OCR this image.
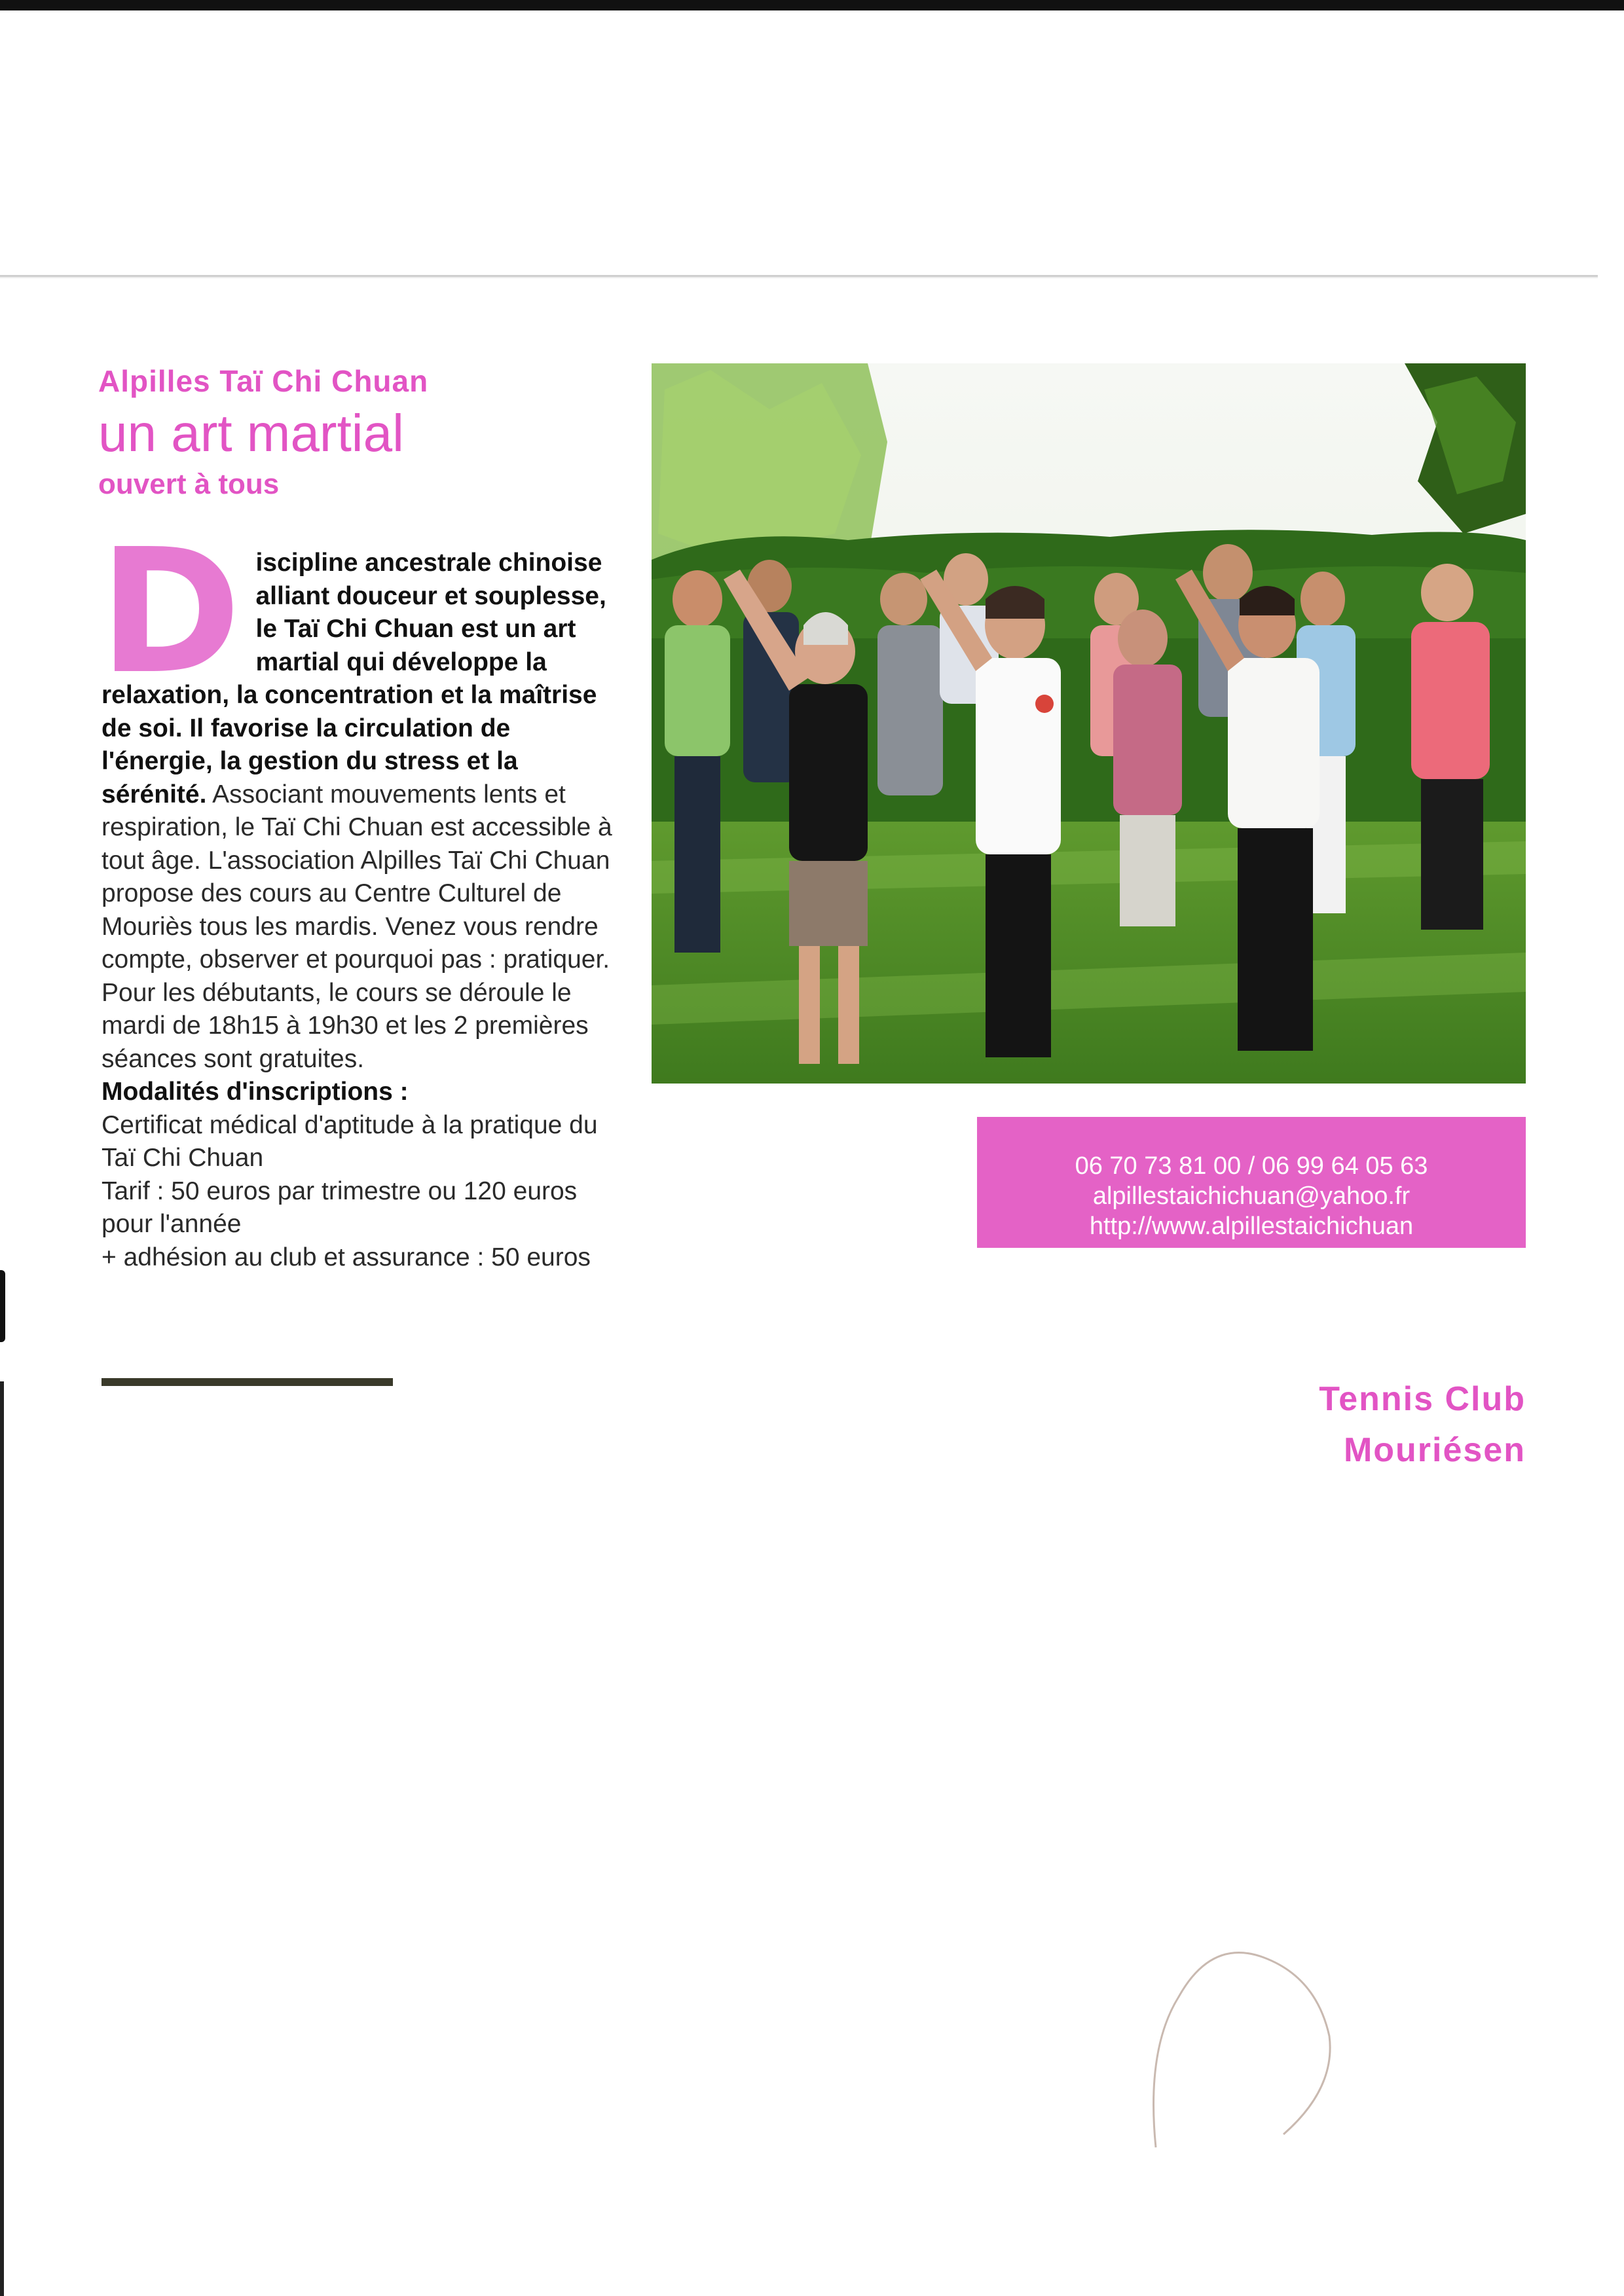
Alpilles Taï Chi Chuan
un art martial
ouvert à tous
D iscipline ancestrale chinoise alliant douceur et souplesse, le Taï Chi Chuan est un art martial qui développe la relaxation, la concentration et la maîtrise de soi. Il favorise la circulation de l'énergie, la gestion du stress et la sérénité. Associant mouvements lents et respiration, le Taï Chi Chuan est accessible à tout âge. L'association Alpilles Taï Chi Chuan propose des cours au Centre Culturel de Mouriès tous les mardis. Venez vous rendre compte, observer et pourquoi pas : pratiquer. Pour les débutants, le cours se déroule le mardi de 18h15 à 19h30 et les 2 premières séances sont gratuites.
Modalités d'inscriptions :
Certificat médical d'aptitude à la pratique du Taï Chi Chuan
Tarif : 50 euros par trimestre ou 120 euros pour l'année
+ adhésion au club et assurance : 50 euros
06 70 73 81 00 / 06 99 64 05 63
alpillestaichichuan@yahoo.fr
http://www.alpillestaichichuan
Tennis Club Mouriésen
